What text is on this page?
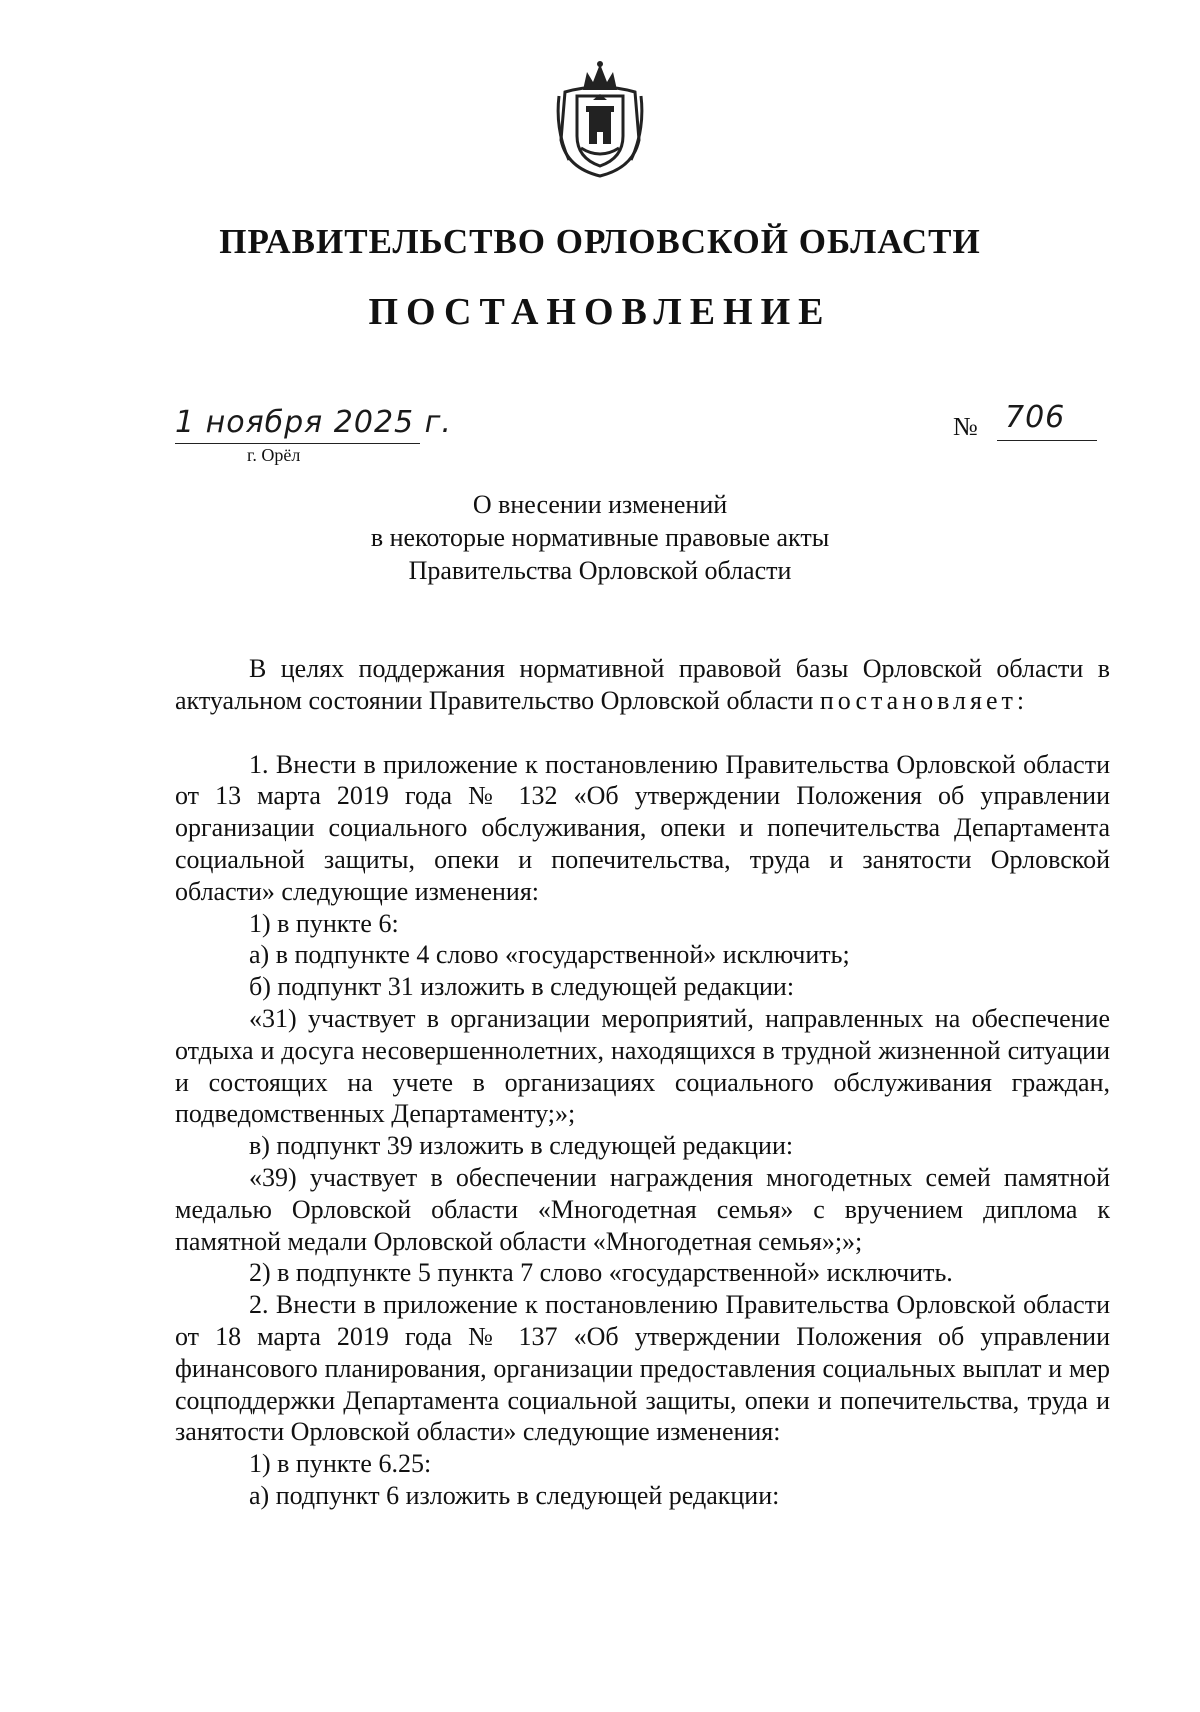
ПРАВИТЕЛЬСТВО ОРЛОВСКОЙ ОБЛАСТИ
ПОСТАНОВЛЕНИЕ
1 ноября 2025 г.
г. Орёл
№ 706
О внесении изменений
в некоторые нормативные правовые акты
Правительства Орловской области

В целях поддержания нормативной правовой базы Орловской области в актуальном состоянии Правительство Орловской области постановляет:

1. Внести в приложение к постановлению Правительства Орловской области от 13 марта 2019 года № 132 «Об утверждении Положения об управлении организации социального обслуживания, опеки и попечительства Департамента социальной защиты, опеки и попечительства, труда и занятости Орловской области» следующие изменения:

1) в пункте 6:

а) в подпункте 4 слово «государственной» исключить;

б) подпункт 31 изложить в следующей редакции:

«31) участвует в организации мероприятий, направленных на обеспечение отдыха и досуга несовершеннолетних, находящихся в трудной жизненной ситуации и состоящих на учете в организациях социального обслуживания граждан, подведомственных Департаменту;»;

в) подпункт 39 изложить в следующей редакции:

«39) участвует в обеспечении награждения многодетных семей памятной медалью Орловской области «Многодетная семья» с вручением диплома к памятной медали Орловской области «Многодетная семья»;»;

2) в подпункте 5 пункта 7 слово «государственной» исключить.

2. Внести в приложение к постановлению Правительства Орловской области от 18 марта 2019 года № 137 «Об утверждении Положения об управлении финансового планирования, организации предоставления социальных выплат и мер соцподдержки Департамента социальной защиты, опеки и попечительства, труда и занятости Орловской области» следующие изменения:

1) в пункте 6.25:

а) подпункт 6 изложить в следующей редакции:
